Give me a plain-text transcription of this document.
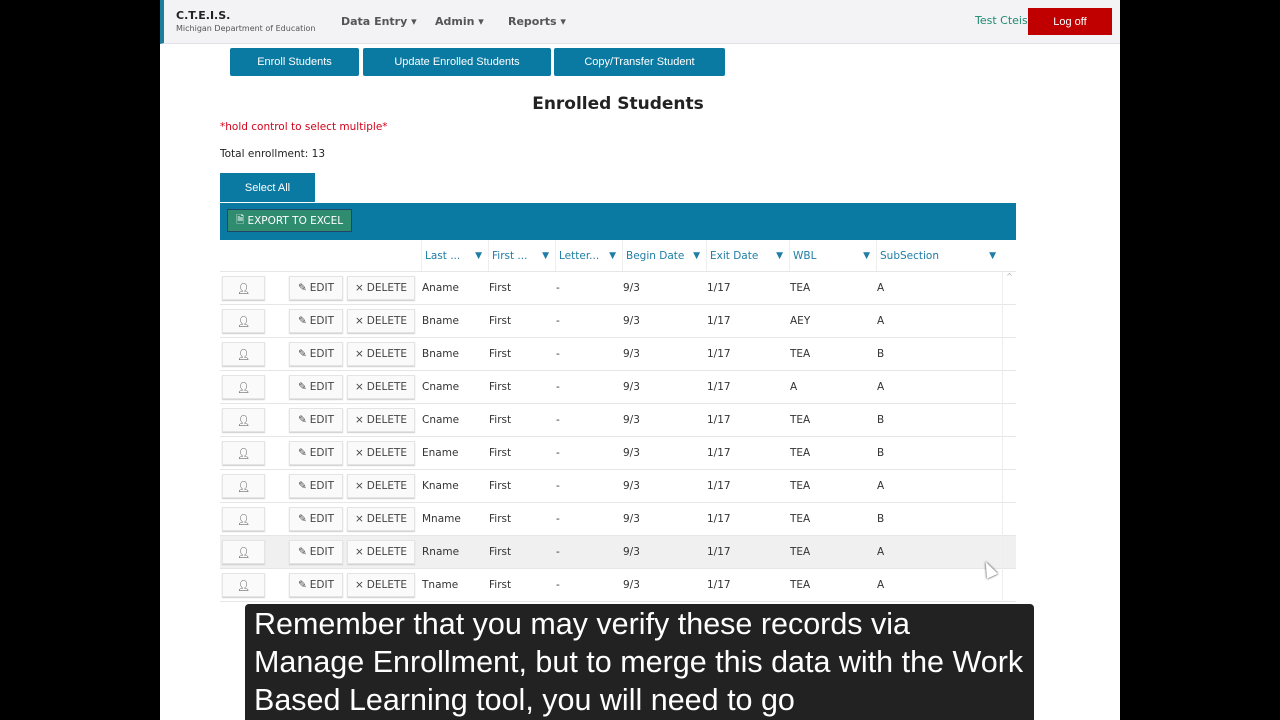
C.T.E.I.S.
Michigan Department of Education
Data Entry ▾ Admin ▾ Reports ▾	Test Cteis	Log off
Enroll Students	Update Enrolled Students	Copy/Transfer Student
Enrolled Students
*hold control to select multiple*
Total enrollment: 13
Select All
🗎 EXPORT TO EXCEL
Last ... ▼ First ... ▼ Letter... ▼ Begin Date ▼ Exit Date ▼ WBL	▼ SubSection	▼
👤︎	✎ EDIT × DELETE Aname	First	-	9/3	1/17	TEA	A
👤︎	✎ EDIT × DELETE Bname	First	-	9/3	1/17	AEY	A
👤︎	✎ EDIT × DELETE Bname	First	-	9/3	1/17	TEA	B
👤︎	✎ EDIT × DELETE Cname	First	-	9/3	1/17	A	A
👤︎	✎ EDIT × DELETE Cname	First	-	9/3	1/17	TEA	B
👤︎	✎ EDIT × DELETE Ename	First	-	9/3	1/17	TEA	B
👤︎	✎ EDIT × DELETE Kname	First	-	9/3	1/17	TEA	A
👤︎	✎ EDIT × DELETE Mname	First	-	9/3	1/17	TEA	B
👤︎	✎ EDIT × DELETE Rname	First	-	9/3	1/17	TEA	A
👤︎	✎ EDIT × DELETE Tname	First	-	9/3	1/17	TEA	A
^
Remember that you may verify these records via Manage Enrollment, but to merge this data with the Work Based Learning tool, you will need to go
